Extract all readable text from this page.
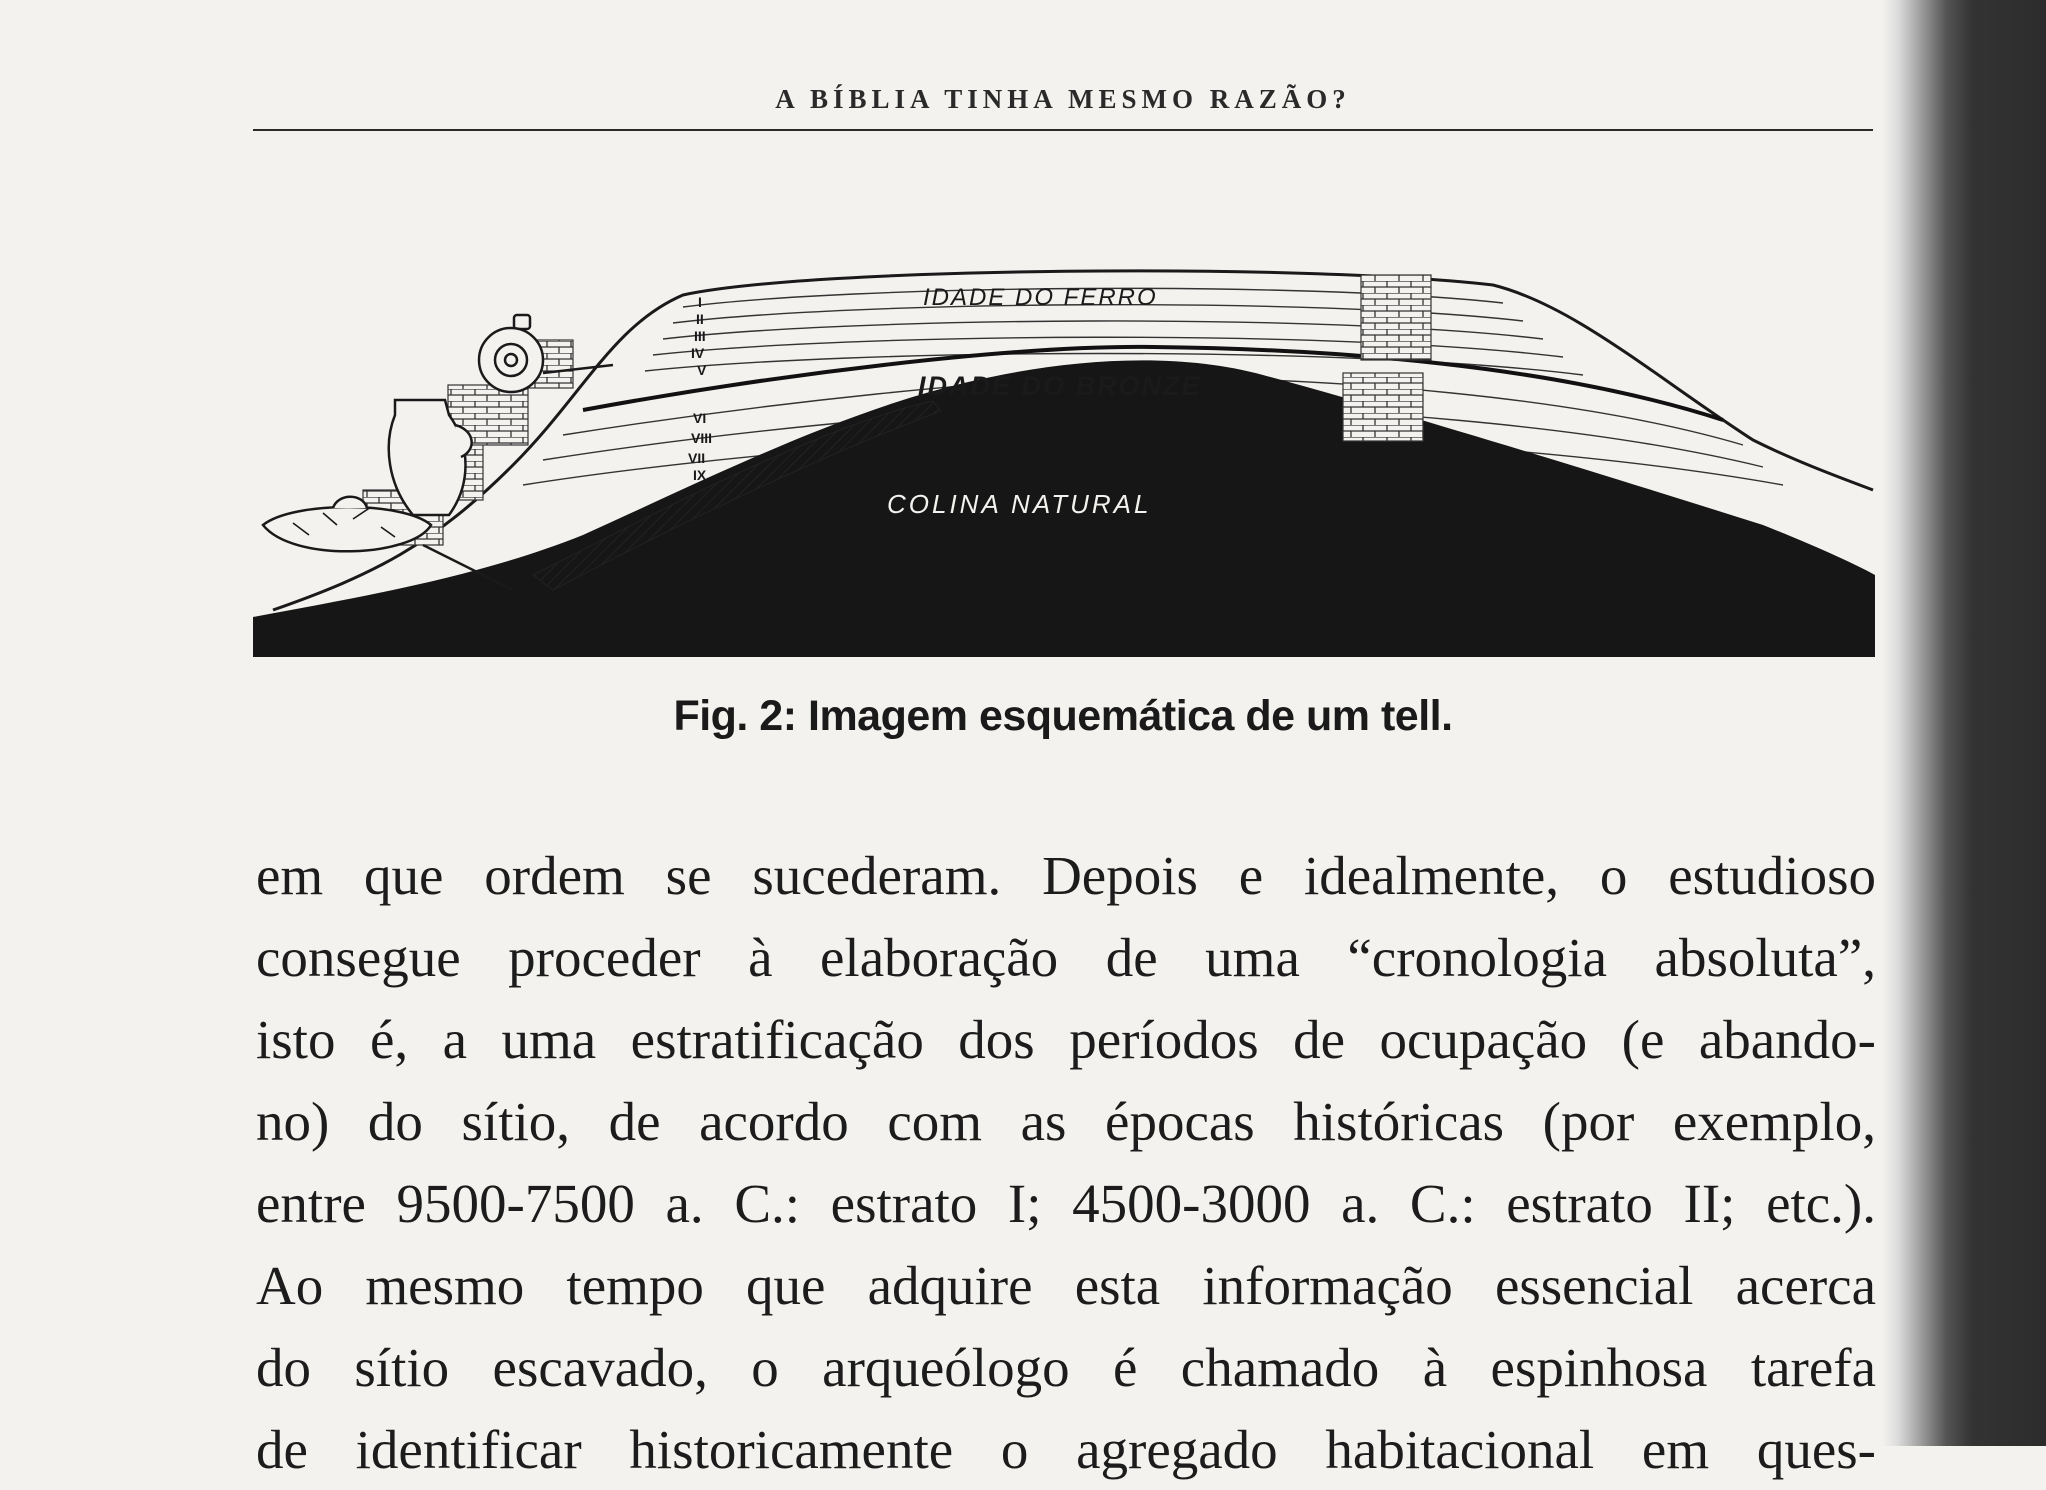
A BÍBLIA TINHA MESMO RAZÃO?
I
II
III
IV
V
VI
VIII
VII
IX
X
IDADE DO FERRO
IDADE DO BRONZE
COLINA NATURAL
Fig. 2: Imagem esquemática de um tell.
em que ordem se sucederam. Depois e idealmente, o estudioso
consegue proceder à elaboração de uma “cronologia absoluta”,
isto é, a uma estratificação dos períodos de ocupação (e abando-
no) do sítio, de acordo com as épocas históricas (por exemplo,
entre 9500-7500 a. C.: estrato I; 4500-3000 a. C.: estrato II; etc.).
Ao mesmo tempo que adquire esta informação essencial acerca
do sítio escavado, o arqueólogo é chamado à espinhosa tarefa
de identificar historicamente o agregado habitacional em ques-
